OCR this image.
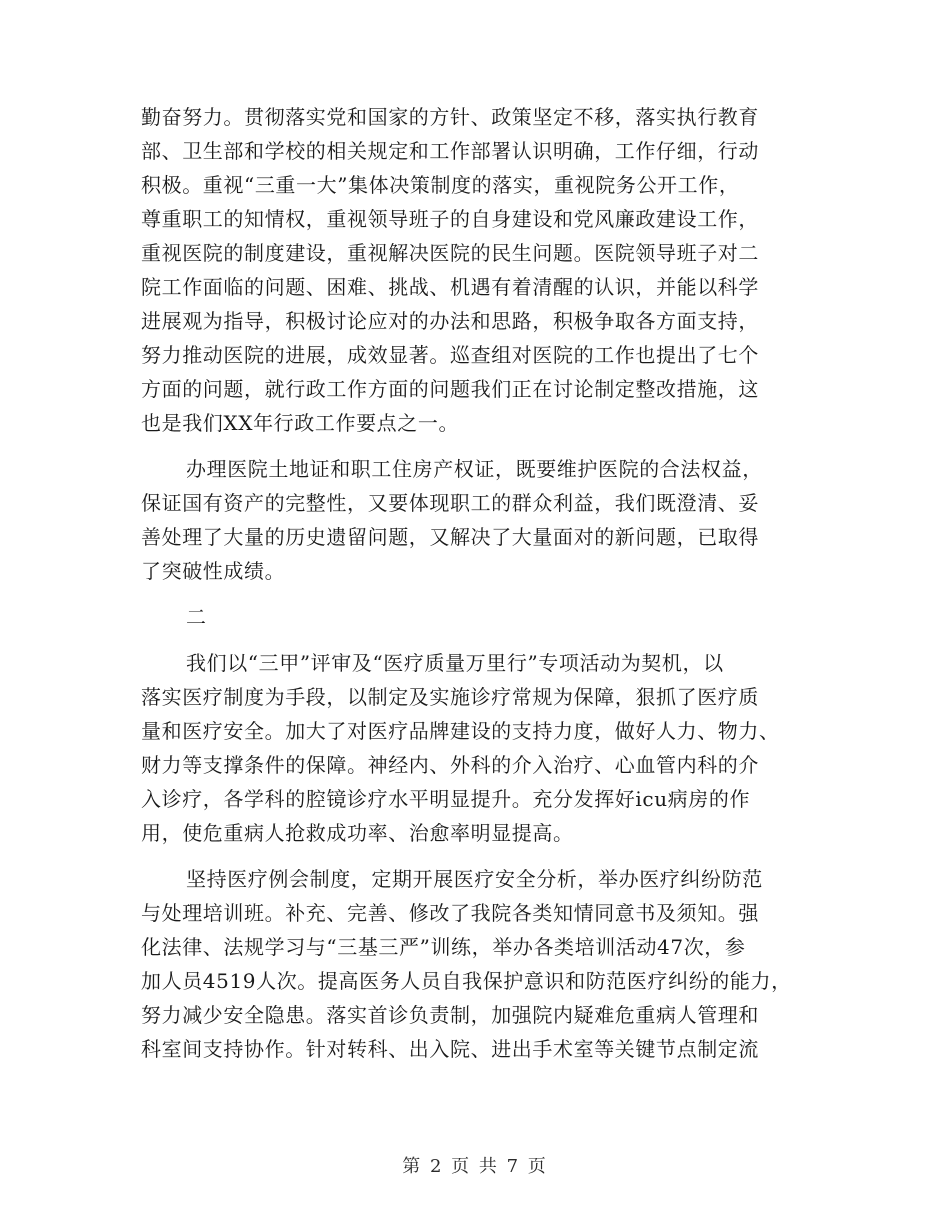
勤奋努力。贯彻落实党和国家的方针、政策坚定不移，落实执行教育
部、卫生部和学校的相关规定和工作部署认识明确，工作仔细，行动
积极。重视“三重一大”集体决策制度的落实，重视院务公开工作，
尊重职工的知情权，重视领导班子的自身建设和党风廉政建设工作，
重视医院的制度建设，重视解决医院的民生问题。医院领导班子对二
院工作面临的问题、困难、挑战、机遇有着清醒的认识，并能以科学
进展观为指导，积极讨论应对的办法和思路，积极争取各方面支持，
努力推动医院的进展，成效显著。巡查组对医院的工作也提出了七个
方面的问题，就行政工作方面的问题我们正在讨论制定整改措施，这
也是我们XX年行政工作要点之一。
办理医院土地证和职工住房产权证，既要维护医院的合法权益，
保证国有资产的完整性，又要体现职工的群众利益，我们既澄清、妥
善处理了大量的历史遗留问题，又解决了大量面对的新问题，已取得
了突破性成绩。
二
我们以“三甲”评审及“医疗质量万里行”专项活动为契机，以
落实医疗制度为手段，以制定及实施诊疗常规为保障，狠抓了医疗质
量和医疗安全。加大了对医疗品牌建设的支持力度，做好人力、物力、
财力等支撑条件的保障。神经内、外科的介入治疗、心血管内科的介
入诊疗，各学科的腔镜诊疗水平明显提升。充分发挥好icu病房的作
用，使危重病人抢救成功率、治愈率明显提高。
坚持医疗例会制度，定期开展医疗安全分析，举办医疗纠纷防范
与处理培训班。补充、完善、修改了我院各类知情同意书及须知。强
化法律、法规学习与“三基三严”训练，举办各类培训活动47次，参
加人员4519人次。提高医务人员自我保护意识和防范医疗纠纷的能力，
努力减少安全隐患。落实首诊负责制，加强院内疑难危重病人管理和
科室间支持协作。针对转科、出入院、进出手术室等关键节点制定流
第 2 页 共 7 页
